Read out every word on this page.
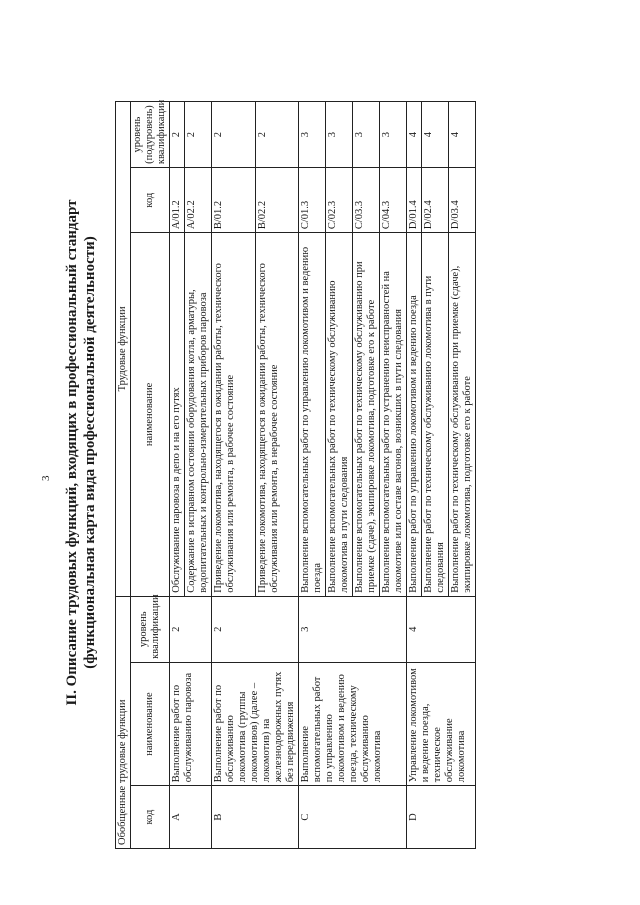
3 II. Описание трудовых функций, входящих в профессиональный стандарт (функциональная карта вида профессиональной деятельности)
Обобщенные трудовые функции			Трудовые функции		
код	наименование	уровень квалификации	наименование	код	уровень (подуровень) квалификации
A	Выполнение работ по обслуживанию паровоза	2	Обслуживание паровоза в депо и на его путях	A/01.2	2
			Содержание в исправном состоянии оборудования котла, арматуры, водопитательных и контрольно-измерительных приборов паровоза	A/02.2	2
B	Выполнение работ по обслуживанию локомотива (группы локомотивов) (далее – локомотив) на железнодорожных путях без передвижения	2	Приведение локомотива, находящегося в ожидании работы, технического обслуживания или ремонта, в рабочее состояние	B/01.2	2
			Приведение локомотива, находящегося в ожидании работы, технического обслуживания или ремонта, в нерабочее состояние	B/02.2	2
C	Выполнение вспомогательных работ по управлению локомотивом и ведению поезда, техническому обслуживанию локомотива	3	Выполнение вспомогательных работ по управлению локомотивом и ведению поезда	C/01.3	3
			Выполнение вспомогательных работ по техническому обслуживанию локомотива в пути следования	C/02.3	3
			Выполнение вспомогательных работ по техническому обслуживанию при приемке (сдаче), экипировке локомотива, подготовке его к работе	C/03.3	3
			Выполнение вспомогательных работ по устранению неисправностей на локомотиве или составе вагонов, возникших в пути следования	C/04.3	3
D	Управление локомотивом и ведение поезда, техническое обслуживание локомотива	4	Выполнение работ по управлению локомотивом и ведению поезда	D/01.4	4
			Выполнение работ по техническому обслуживанию локомотива в пути следования	D/02.4	4
			Выполнение работ по техническому обслуживанию при приемке (сдаче), экипировке локомотива, подготовке его к работе	D/03.4	4
